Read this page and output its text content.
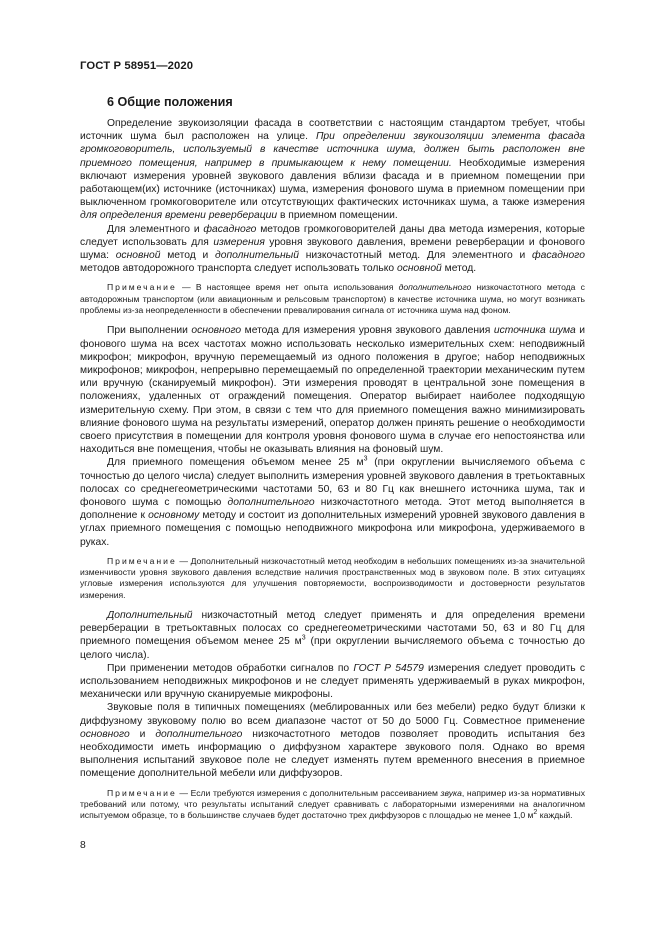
ГОСТ Р 58951—2020
6 Общие положения

Определение звукоизоляции фасада в соответствии с настоящим стандартом требует, чтобы источник шума был расположен на улице. При определении звукоизоляции элемента фасада громкоговоритель, используемый в качестве источника шума, должен быть расположен вне приемного помещения, например в примыкающем к нему помещении. Необходимые измерения включают измерения уровней звукового давления вблизи фасада и в приемном помещении при работающем(их) источнике (источниках) шума, измерения фонового шума в приемном помещении при выключенном громкоговорителе или отсутствующих фактических источниках шума, а также измерения для определения времени реверберации в приемном помещении.

Для элементного и фасадного методов громкоговорителей даны два метода измерения, которые следует использовать для измерения уровня звукового давления, времени реверберации и фонового шума: основной метод и дополнительный низкочастотный метод. Для элементного и фасадного методов автодорожного транспорта следует использовать только основной метод.

Примечание — В настоящее время нет опыта использования дополнительного низкочастотного метода с автодорожным транспортом (или авиационным и рельсовым транспортом) в качестве источника шума, но могут возникать проблемы из-за неопределенности в обеспечении превалирования сигнала от источника шума над фоном.

При выполнении основного метода для измерения уровня звукового давления источника шума и фонового шума на всех частотах можно использовать несколько измерительных схем: неподвижный микрофон; микрофон, вручную перемещаемый из одного положения в другое; набор неподвижных микрофонов; микрофон, непрерывно перемещаемый по определенной траектории механическим путем или вручную (сканируемый микрофон). Эти измерения проводят в центральной зоне помещения в положениях, удаленных от ограждений помещения. Оператор выбирает наиболее подходящую измерительную схему. При этом, в связи с тем что для приемного помещения важно минимизировать влияние фонового шума на результаты измерений, оператор должен принять решение о необходимости своего присутствия в помещении для контроля уровня фонового шума в случае его непостоянства или находиться вне помещения, чтобы не оказывать влияния на фоновый шум.

Для приемного помещения объемом менее 25 $м^3$ (при округлении вычисляемого объема с точностью до целого числа) следует выполнить измерения уровней звукового давления в третьоктавных полосах со среднегеометрическими частотами 50, 63 и 80 Гц как внешнего источника шума, так и фонового шума с помощью дополнительного низкочастотного метода. Этот метод выполняется в дополнение к основному методу и состоит из дополнительных измерений уровней звукового давления в углах приемного помещения с помощью неподвижного микрофона или микрофона, удерживаемого в руках.

Примечание — Дополнительный низкочастотный метод необходим в небольших помещениях из-за значительной изменчивости уровня звукового давления вследствие наличия пространственных мод в звуковом поле. В этих ситуациях угловые измерения используются для улучшения повторяемости, воспроизводимости и достоверности результатов измерения.

Дополнительный низкочастотный метод следует применять и для определения времени реверберации в третьоктавных полосах со среднегеометрическими частотами 50, 63 и 80 Гц для приемного помещения объемом менее 25 $м^3$ (при округлении вычисляемого объема с точностью до целого числа).

При применении методов обработки сигналов по ГОСТ Р 54579 измерения следует проводить с использованием неподвижных микрофонов и не следует применять удерживаемый в руках микрофон, механически или вручную сканируемые микрофоны.

Звуковые поля в типичных помещениях (меблированных или без мебели) редко будут близки к диффузному звуковому полю во всем диапазоне частот от 50 до 5000 Гц. Совместное применение основного и дополнительного низкочастотного методов позволяет проводить испытания без необходимости иметь информацию о диффузном характере звукового поля. Однако во время выполнения испытаний звуковое поле не следует изменять путем временного внесения в приемное помещение дополнительной мебели или диффузоров.

Примечание — Если требуются измерения с дополнительным рассеиванием звука, например из-за нормативных требований или потому, что результаты испытаний следует сравнивать с лабораторными измерениями на аналогичном испытуемом образце, то в большинстве случаев будет достаточно трех диффузоров с площадью не менее 1,0 $м^2$ каждый.

8
